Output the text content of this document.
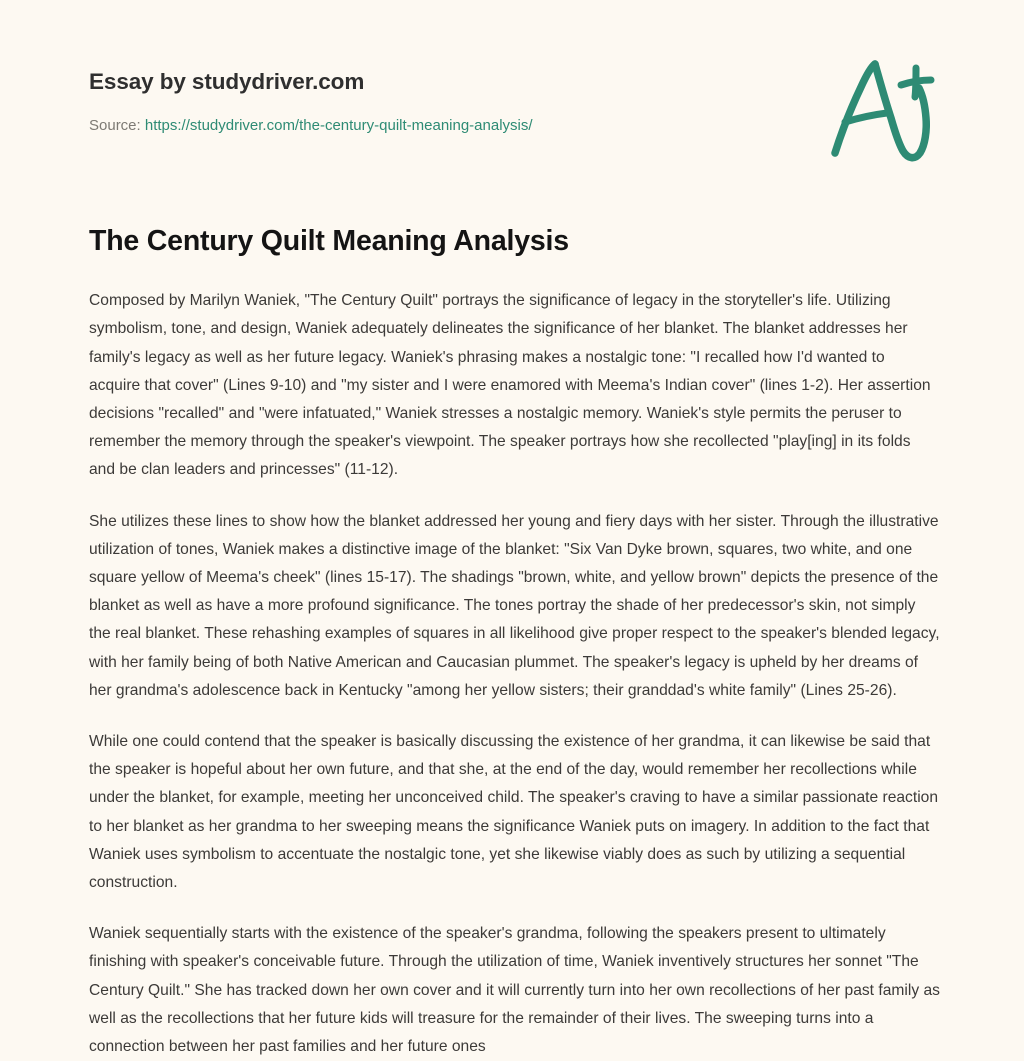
Essay by studydriver.com
Source: https://studydriver.com/the-century-quilt-meaning-analysis/
The Century Quilt Meaning Analysis

Composed by Marilyn Waniek, "The Century Quilt" portrays the significance of legacy in the storyteller's life. Utilizing symbolism, tone, and design, Waniek adequately delineates the significance of her blanket. The blanket addresses her family's legacy as well as her future legacy. Waniek's phrasing makes a nostalgic tone: "I recalled how I'd wanted to acquire that cover" (Lines 9-10) and "my sister and I were enamored with Meema's Indian cover" (lines 1-2). Her assertion decisions "recalled" and "were infatuated," Waniek stresses a nostalgic memory. Waniek's style permits the peruser to remember the memory through the speaker's viewpoint. The speaker portrays how she recollected "play[ing] in its folds and be clan leaders and princesses" (11-12).

She utilizes these lines to show how the blanket addressed her young and fiery days with her sister. Through the illustrative utilization of tones, Waniek makes a distinctive image of the blanket: "Six Van Dyke brown, squares, two white, and one square yellow of Meema's cheek" (lines 15-17). The shadings "brown, white, and yellow brown" depicts the presence of the blanket as well as have a more profound significance. The tones portray the shade of her predecessor's skin, not simply the real blanket. These rehashing examples of squares in all likelihood give proper respect to the speaker's blended legacy, with her family being of both Native American and Caucasian plummet. The speaker's legacy is upheld by her dreams of her grandma's adolescence back in Kentucky "among her yellow sisters; their granddad's white family" (Lines 25-26).

While one could contend that the speaker is basically discussing the existence of her grandma, it can likewise be said that the speaker is hopeful about her own future, and that she, at the end of the day, would remember her recollections while under the blanket, for example, meeting her unconceived child. The speaker's craving to have a similar passionate reaction to her blanket as her grandma to her sweeping means the significance Waniek puts on imagery. In addition to the fact that Waniek uses symbolism to accentuate the nostalgic tone, yet she likewise viably does as such by utilizing a sequential construction.

Waniek sequentially starts with the existence of the speaker's grandma, following the speakers present to ultimately finishing with speaker's conceivable future. Through the utilization of time, Waniek inventively structures her sonnet "The Century Quilt." She has tracked down her own cover and it will currently turn into her own recollections of her past family as well as the recollections that her future kids will treasure for the remainder of their lives. The sweeping turns into a connection between her past families and her future ones
